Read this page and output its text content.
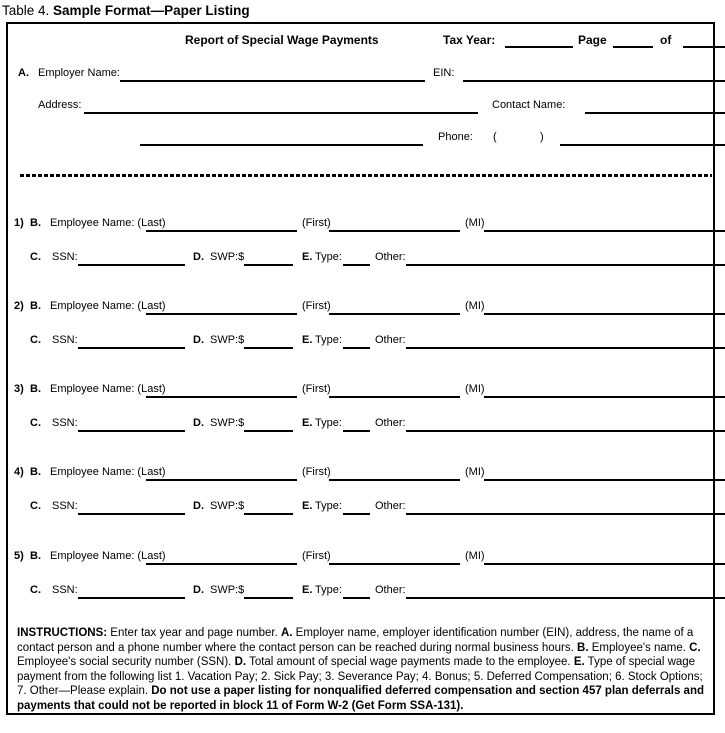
Table 4. Sample Format—Paper Listing
Report of Special Wage Payments	Tax Year:	Page	of
A. Employer Name:	EIN:
Address:	Contact Name:
Phone: (	)
1) B. Employee Name: (Last)	(First)	(MI)
C. SSN:	D. SWP:$	E. Type:	Other:
2) B. Employee Name: (Last)	(First)	(MI)
C. SSN:	D. SWP:$	E. Type:	Other:
3) B. Employee Name: (Last)	(First)	(MI)
C. SSN:	D. SWP:$	E. Type:	Other:
4) B. Employee Name: (Last)	(First)	(MI)
C. SSN:	D. SWP:$	E. Type:	Other:
5) B. Employee Name: (Last)	(First)	(MI)
C. SSN:	D. SWP:$	E. Type:	Other:
INSTRUCTIONS: Enter tax year and page number. A. Employer name, employer identification number (EIN), address, the name of a contact person and a phone number where the contact person can be reached during normal business hours. B. Employee's name. C. Employee's social security number (SSN). D. Total amount of special wage payments made to the employee. E. Type of special wage payment from the following list 1. Vacation Pay; 2. Sick Pay; 3. Severance Pay; 4. Bonus; 5. Deferred Compensation; 6. Stock Options; 7. Other—Please explain. Do not use a paper listing for nonqualified deferred compensation and section 457 plan deferrals and payments that could not be reported in block 11 of Form W-2 (Get Form SSA-131).
